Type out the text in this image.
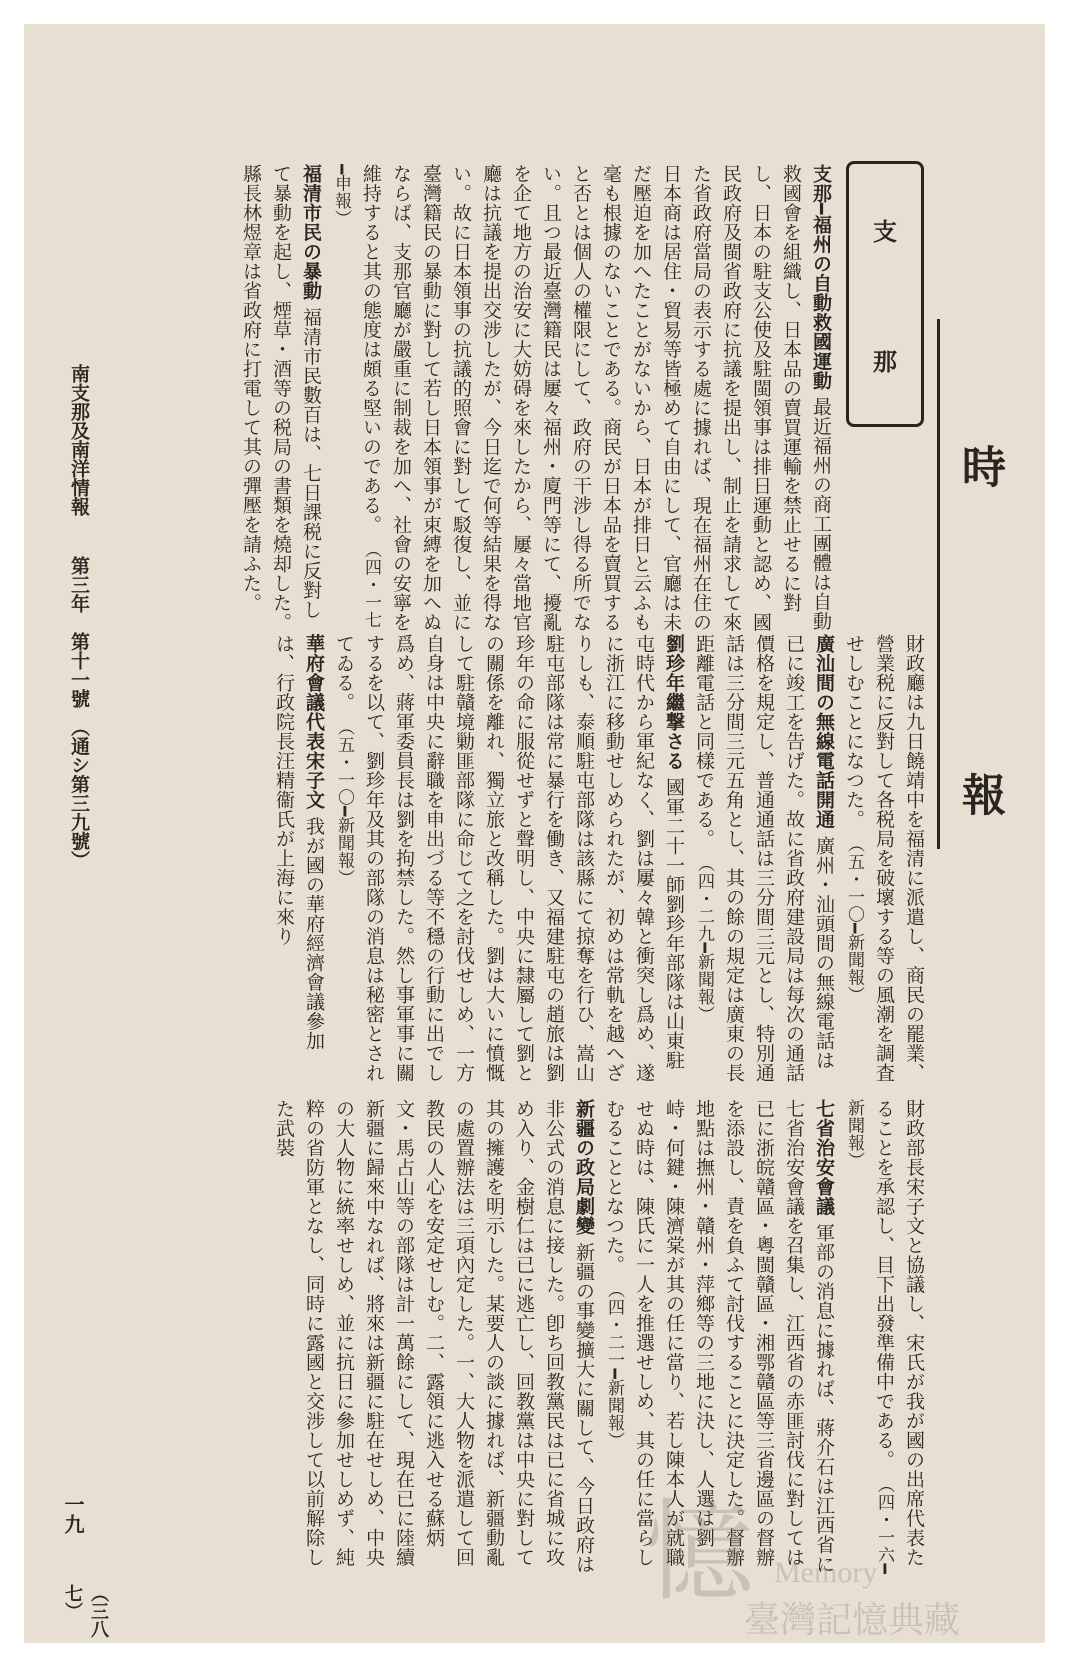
支
那
時　報

支那━福州の自動救國運動 最近福州の商工團體は自動救國會を組織し、日本品の賣買運輸を禁止せるに對し、日本の駐支公使及駐閩領事は排日運動と認め、國民政府及閩省政府に抗議を提出し、制止を請求して來た省政府當局の表示する處に據れば、現在福州在住の日本商は居住・貿易等皆極めて自由にして、官廳は未だ壓迫を加へたことがないから、日本が排日と云ふも毫も根據のないことである。商民が日本品を賣買すると否とは個人の權限にして、政府の干涉し得る所でない。且つ最近臺灣籍民は屢々福州・廈門等にて、擾亂を企て地方の治安に大妨碍を來したから、屢々當地官廳は抗議を提出交涉したが、今日迄で何等結果を得ない。故に日本領事の抗議的照會に對して駁復し、並に臺灣籍民の暴動に對して若し日本領事が束縛を加へぬならば、支那官廳が嚴重に制裁を加へ、社會の安寧を維持すると其の態度は頗る堅いのである。 （四・一七━申報）

福清市民の暴動 福清市民數百は、七日課税に反對して暴動を起し、煙草・酒等の税局の書類を燒却した。縣長林煜章は省政府に打電して其の彈壓を請ふた。

財政廳は九日饒靖中を福清に派遣し、商民の罷業、營業税に反對して各税局を破壞する等の風潮を調査せしむことになつた。 （五・一〇━新聞報）

廣汕間の無線電話開通 廣州・汕頭間の無線電話は已に竣工を告げた。故に省政府建設局は每次の通話價格を規定し、普通通話は三分間三元とし、特別通話は三分間三元五角とし、其の餘の規定は廣東の長距離電話と同樣である。 （四・二九━新聞報）

劉珍年繼撃さる 國軍二十一師劉珍年部隊は山東駐屯時代から軍紀なく、劉は屢々韓と衝突し爲め、遂に浙江に移動せしめられたが、初めは常軌を越へざりしも、泰順駐屯部隊は該縣にて掠奪を行ひ、嵩山駐屯部隊は常に暴行を働き、又福建駐屯の趙旅は劉珍年の命に服從せずと聲明し、中央に隸屬して劉との關係を離れ、獨立旅と改稱した。劉は大いに憤慨して駐贛境勦匪部隊に命じて之を討伐せしめ、一方自身は中央に辭職を申出づる等不穩の行動に出でし爲め、蔣軍委員長は劉を拘禁した。然し事軍事に關するを以て、劉珍年及其の部隊の消息は秘密とされてゐる。 （五・一〇━新聞報）

華府會議代表宋子文 我が國の華府經濟會議參加は、行政院長汪精衞氏が上海に來り

財政部長宋子文と協議し、宋氏が我が國の出席代表たることを承認し、目下出發準備中である。 （四・一六━新聞報）

七省治安會議 軍部の消息に據れば、蔣介石は江西省に七省治安會議を召集し、江西省の赤匪討伐に對しては已に浙皖贛區・粵閩贛區・湘鄂贛區等三省邊區の督辦を添設し、責を負ふて討伐することに決定した。督辦地點は撫州・贛州・萍鄉等の三地に決し、人選は劉峙・何鍵・陳濟棠が其の任に當り、若し陳本人が就職せぬ時は、陳氏に一人を推選せしめ、其の任に當らしむることとなつた。 （四・二一━新聞報）

新疆の政局劇變 新疆の事變擴大に關して、今日政府は非公式の消息に接した。卽ち回教黨民は已に省城に攻め入り、金樹仁は已に逃亡し、回教黨は中央に對して其の擁護を明示した。某要人の談に據れば、新疆動亂の處置辦法は三項內定した。一、大人物を派遣して回教民の人心を安定せしむ。二、露領に逃入せる蘇炳文・馬占山等の部隊は計一萬餘にして、現在已に陸續新疆に歸來中なれば、將來は新疆に駐在せしめ、中央の大人物に統率せしめ、並に抗日に參加せしめず、純粹の省防軍となし、同時に露國と交涉して以前解除した武裝

南支那及南洋情報第三年　第十一號　（通シ第三九號）
一九
（三八七）	憶 Memory
臺灣記憶典藏
